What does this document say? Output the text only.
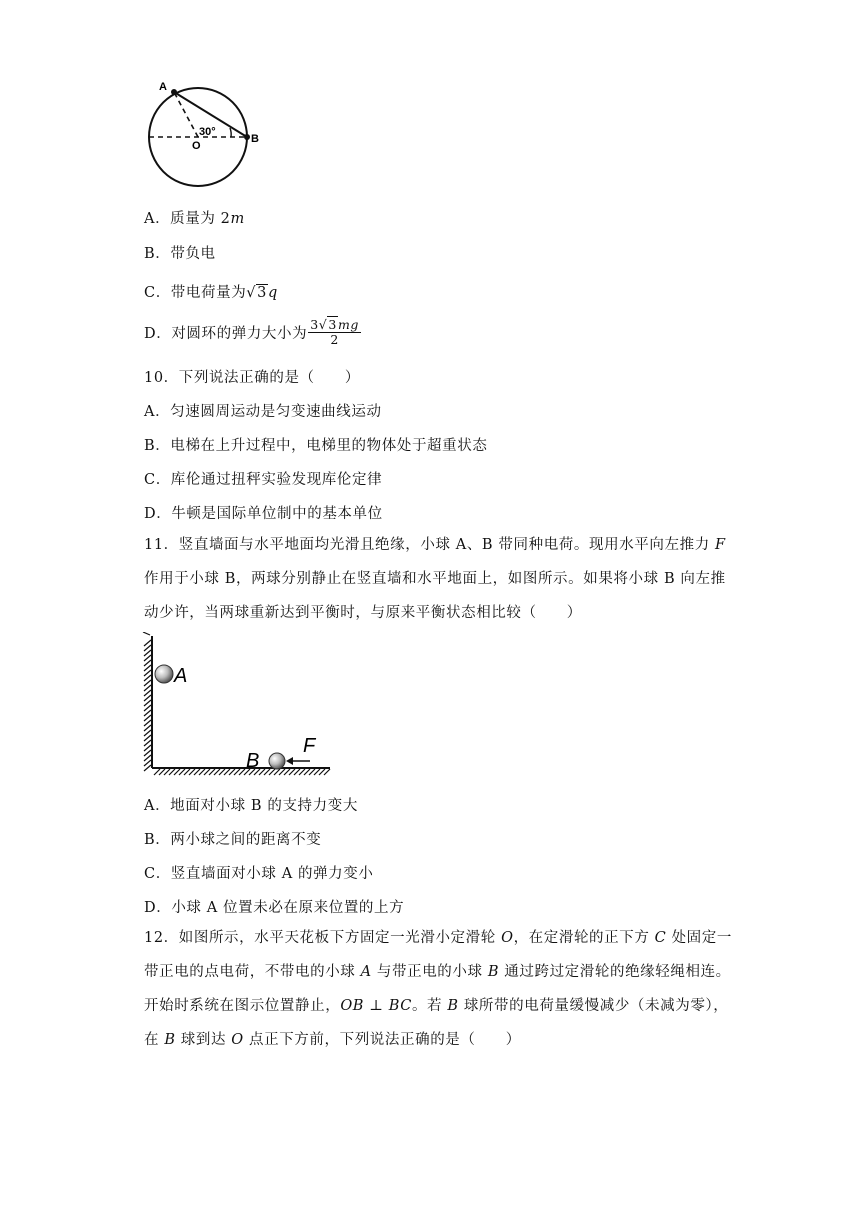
A
B
O
30°
A．质量为 2m
B．带负电
C．带电荷量为√3q
D．对圆环的弹力大小为 $\frac{3√3mg}{2}$
10．下列说法正确的是（　　）
A．匀速圆周运动是匀变速曲线运动
B．电梯在上升过程中，电梯里的物体处于超重状态
C．库伦通过扭秤实验发现库伦定律
D．牛顿是国际单位制中的基本单位

11．竖直墙面与水平地面均光滑且绝缘，小球 A、B 带同种电荷。现用水平向左推力 F

作用于小球 B，两球分别静止在竖直墙和水平地面上，如图所示。如果将小球 B 向左推

动少许，当两球重新达到平衡时，与原来平衡状态相比较（　　）

A
B
F
A．地面对小球 B 的支持力变大
B．两小球之间的距离不变
C．竖直墙面对小球 A 的弹力变小
D．小球 A 位置未必在原来位置的上方

12．如图所示，水平天花板下方固定一光滑小定滑轮 O，在定滑轮的正下方 C 处固定一

带正电的点电荷，不带电的小球 A 与带正电的小球 B 通过跨过定滑轮的绝缘轻绳相连。

开始时系统在图示位置静止，OB ⊥ BC。若 B 球所带的电荷量缓慢减少（未减为零），

在 B 球到达 O 点正下方前，下列说法正确的是（　　）
